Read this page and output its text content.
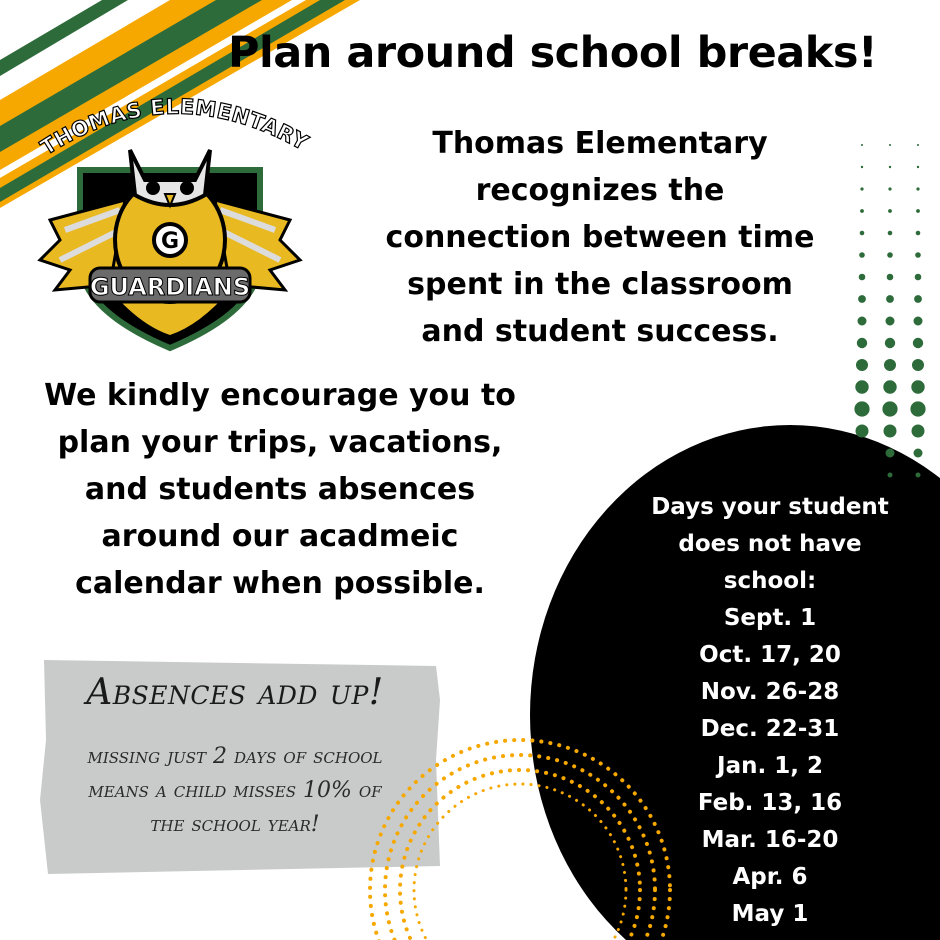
G
GUARDIANS
THOMAS ELEMENTARY
Plan around school breaks!
Thomas Elementary
recognizes the
connection between time
spent in the classroom
and student success.
We kindly encourage you to
plan your trips, vacations,
and students absences
around our acadmeic
calendar when possible.
Absences add up!
missing just 2 days of school
means a child misses 10% of
the school year!
Days your student
does not have
school:
Sept. 1
Oct. 17, 20
Nov. 26-28
Dec. 22-31
Jan. 1, 2
Feb. 13, 16
Mar. 16-20
Apr. 6
May 1
